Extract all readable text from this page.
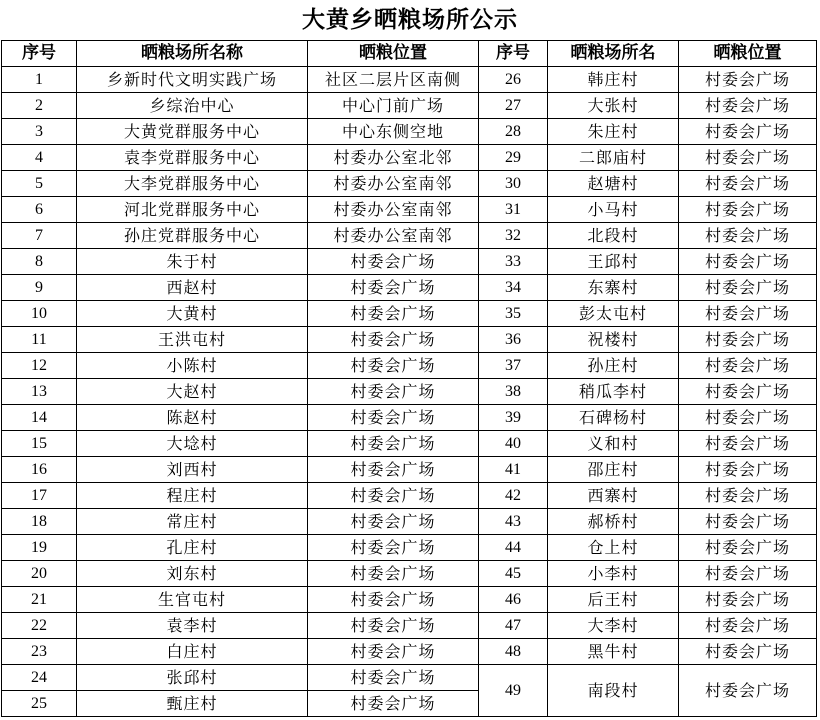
大黄乡晒粮场所公示
序号	晒粮场所名称	晒粮位置	序号	晒粮场所名	晒粮位置
1	乡新时代文明实践广场	社区二层片区南侧	26	韩庄村	村委会广场
2	乡综治中心	中心门前广场	27	大张村	村委会广场
3	大黄党群服务中心	中心东侧空地	28	朱庄村	村委会广场
4	袁李党群服务中心	村委办公室北邻	29	二郎庙村	村委会广场
5	大李党群服务中心	村委办公室南邻	30	赵塘村	村委会广场
6	河北党群服务中心	村委办公室南邻	31	小马村	村委会广场
7	孙庄党群服务中心	村委办公室南邻	32	北段村	村委会广场
8	朱于村	村委会广场	33	王邱村	村委会广场
9	西赵村	村委会广场	34	东寨村	村委会广场
10	大黄村	村委会广场	35	彭太屯村	村委会广场
11	王洪屯村	村委会广场	36	祝楼村	村委会广场
12	小陈村	村委会广场	37	孙庄村	村委会广场
13	大赵村	村委会广场	38	稍瓜李村	村委会广场
14	陈赵村	村委会广场	39	石碑杨村	村委会广场
15	大埝村	村委会广场	40	义和村	村委会广场
16	刘西村	村委会广场	41	邵庄村	村委会广场
17	程庄村	村委会广场	42	西寨村	村委会广场
18	常庄村	村委会广场	43	郝桥村	村委会广场
19	孔庄村	村委会广场	44	仓上村	村委会广场
20	刘东村	村委会广场	45	小李村	村委会广场
21	生官屯村	村委会广场	46	后王村	村委会广场
22	袁李村	村委会广场	47	大李村	村委会广场
23	白庄村	村委会广场	48	黑牛村	村委会广场
24	张邱村	村委会广场	49	南段村	村委会广场
25	甄庄村	村委会广场			
